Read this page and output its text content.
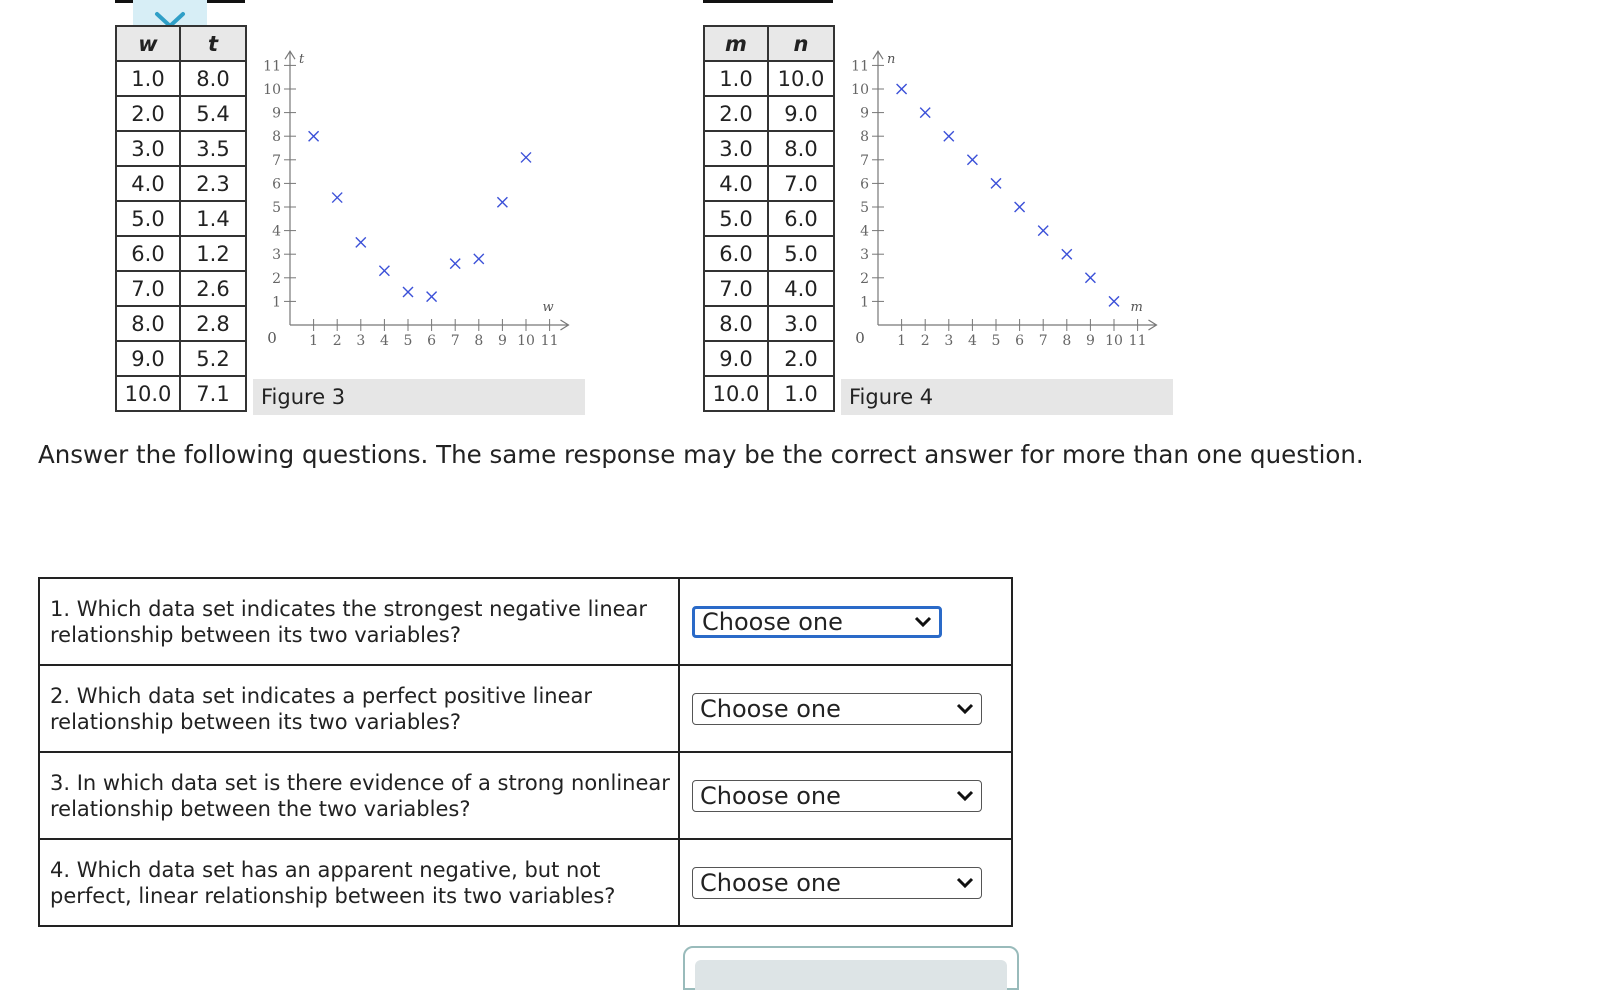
w	t
1.0	8.0
2.0	5.4
3.0	3.5
4.0	2.3
5.0	1.4
6.0	1.2
7.0	2.6
8.0	2.8
9.0	5.2
10.0	7.1
1 2 3 4 5 6 7 8 9 10 11
1
2
3
4
5
6
7
8
9
10
11
0
w
t
Figure 3
m	n
1.0	10.0
2.0	9.0
3.0	8.0
4.0	7.0
5.0	6.0
6.0	5.0
7.0	4.0
8.0	3.0
9.0	2.0
10.0	1.0
1 2 3 4 5 6 7 8 9 10 11
1
2
3
4
5
6
7
8
9
10
11
0
m
n
Figure 4
Answer the following questions. The same response may be the correct answer for more than one question.
1. Which data set indicates the strongest negative linear relationship between its two variables?	Choose one

2. Which data set indicates a perfect positive linear relationship between its two variables?	Choose one

3. In which data set is there evidence of a strong nonlinear relationship between the two variables?	Choose one

4. Which data set has an apparent negative, but not perfect, linear relationship between its two variables?	Choose one
